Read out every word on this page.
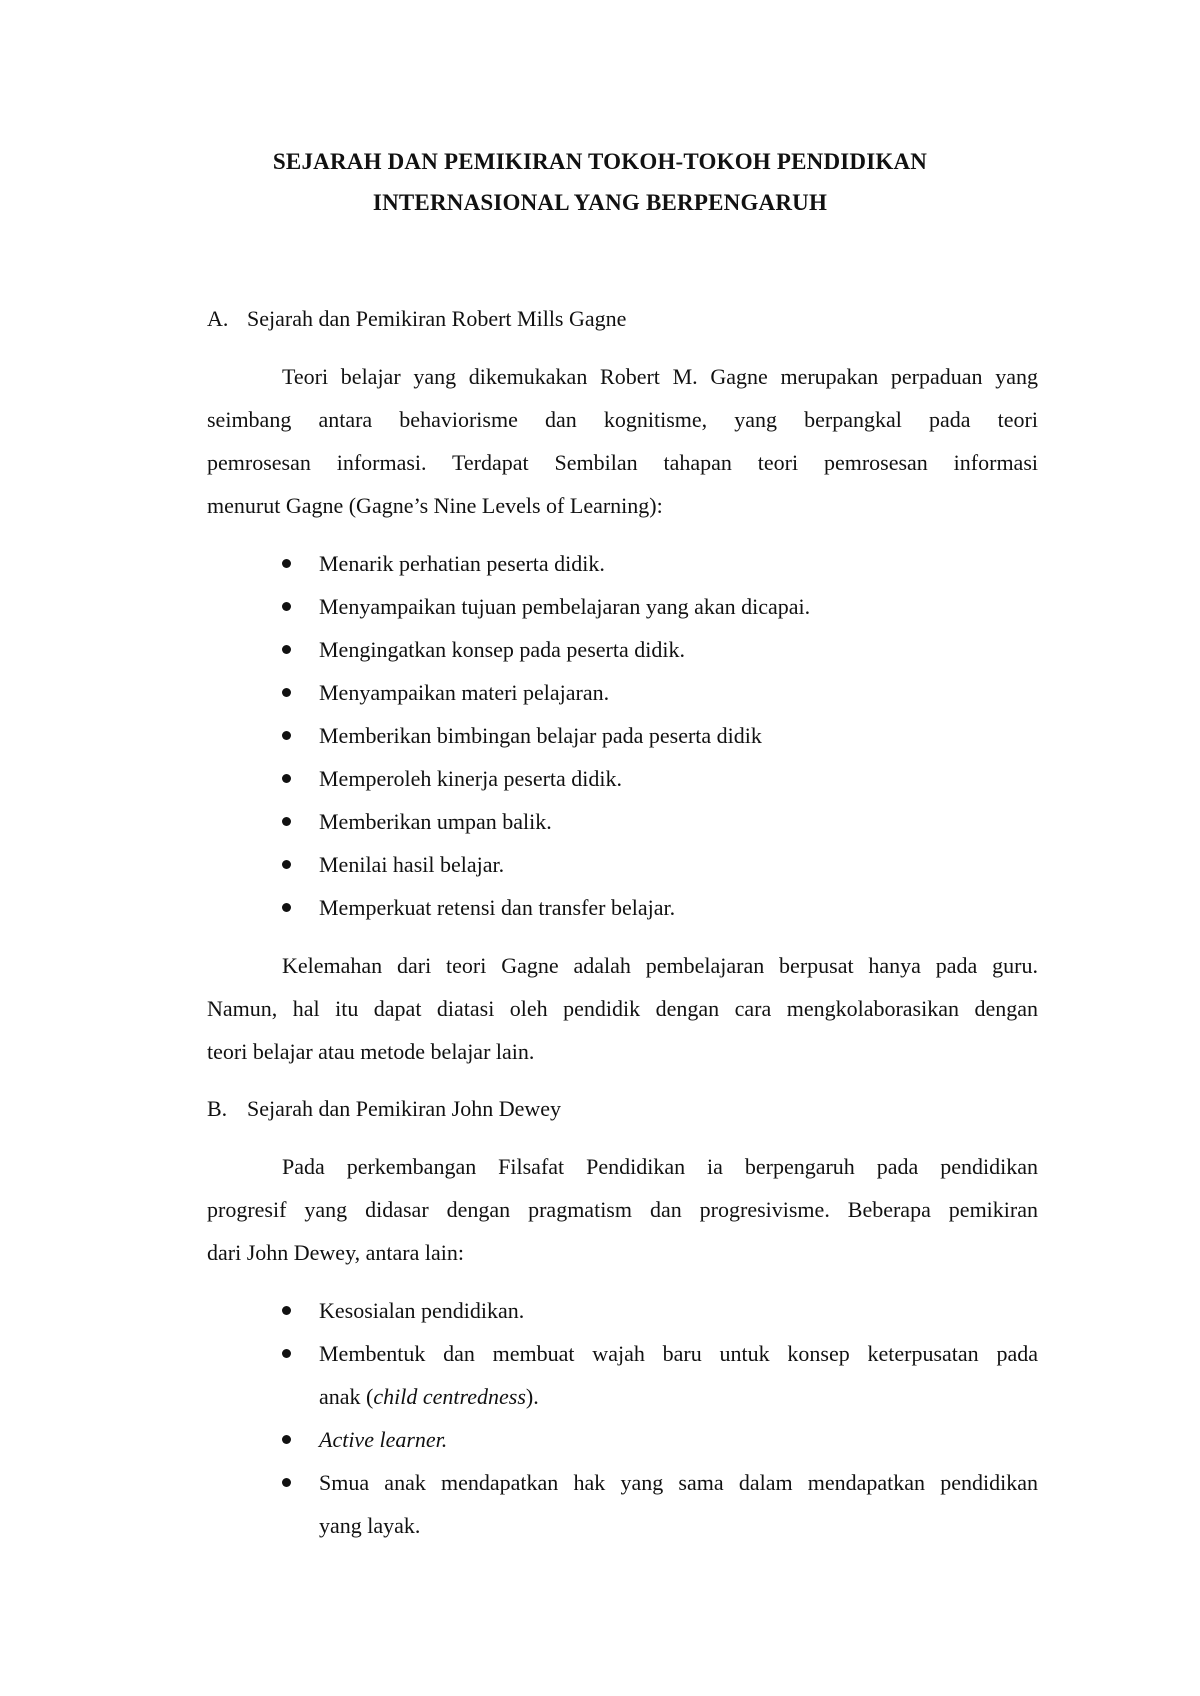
SEJARAH DAN PEMIKIRAN TOKOH-TOKOH PENDIDIKAN
INTERNASIONAL YANG BERPENGARUH
A. Sejarah dan Pemikiran Robert Mills Gagne
Teori belajar yang dikemukakan Robert M. Gagne merupakan perpaduan yang
seimbang antara behaviorisme dan kognitisme, yang berpangkal pada teori
pemrosesan informasi. Terdapat Sembilan tahapan teori pemrosesan informasi
menurut Gagne (Gagne’s Nine Levels of Learning):
Menarik perhatian peserta didik.
Menyampaikan tujuan pembelajaran yang akan dicapai.
Mengingatkan konsep pada peserta didik.
Menyampaikan materi pelajaran.
Memberikan bimbingan belajar pada peserta didik
Memperoleh kinerja peserta didik.
Memberikan umpan balik.
Menilai hasil belajar.
Memperkuat retensi dan transfer belajar.
Kelemahan dari teori Gagne adalah pembelajaran berpusat hanya pada guru.
Namun, hal itu dapat diatasi oleh pendidik dengan cara mengkolaborasikan dengan
teori belajar atau metode belajar lain.
B. Sejarah dan Pemikiran John Dewey
Pada perkembangan Filsafat Pendidikan ia berpengaruh pada pendidikan
progresif yang didasar dengan pragmatism dan progresivisme. Beberapa pemikiran
dari John Dewey, antara lain:
Kesosialan pendidikan.
Membentuk dan membuat wajah baru untuk konsep keterpusatan pada
anak (child centredness).
Active learner.
Smua anak mendapatkan hak yang sama dalam mendapatkan pendidikan
yang layak.
